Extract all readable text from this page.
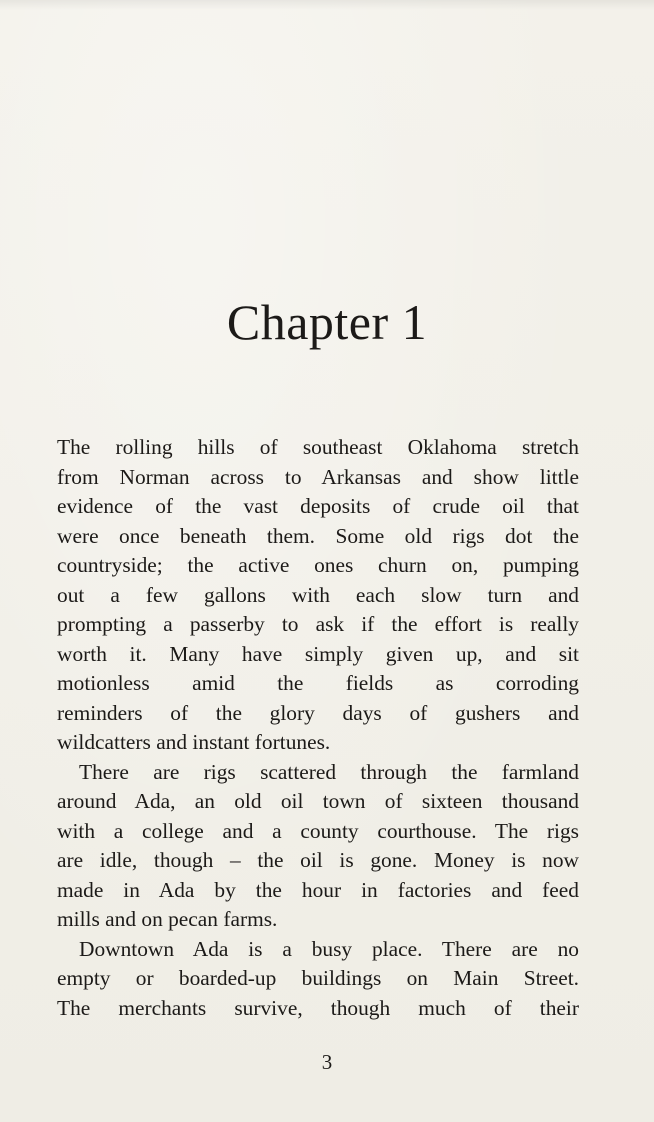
Chapter 1
The rolling hills of southeast Oklahoma stretch
from Norman across to Arkansas and show little
evidence of the vast deposits of crude oil that
were once beneath them. Some old rigs dot the
countryside; the active ones churn on, pumping
out a few gallons with each slow turn and
prompting a passerby to ask if the effort is really
worth it. Many have simply given up, and sit
motionless amid the fields as corroding
reminders of the glory days of gushers and
wildcatters and instant fortunes.
There are rigs scattered through the farmland
around Ada, an old oil town of sixteen thousand
with a college and a county courthouse. The rigs
are idle, though – the oil is gone. Money is now
made in Ada by the hour in factories and feed
mills and on pecan farms.
Downtown Ada is a busy place. There are no
empty or boarded-up buildings on Main Street.
The merchants survive, though much of their
3
